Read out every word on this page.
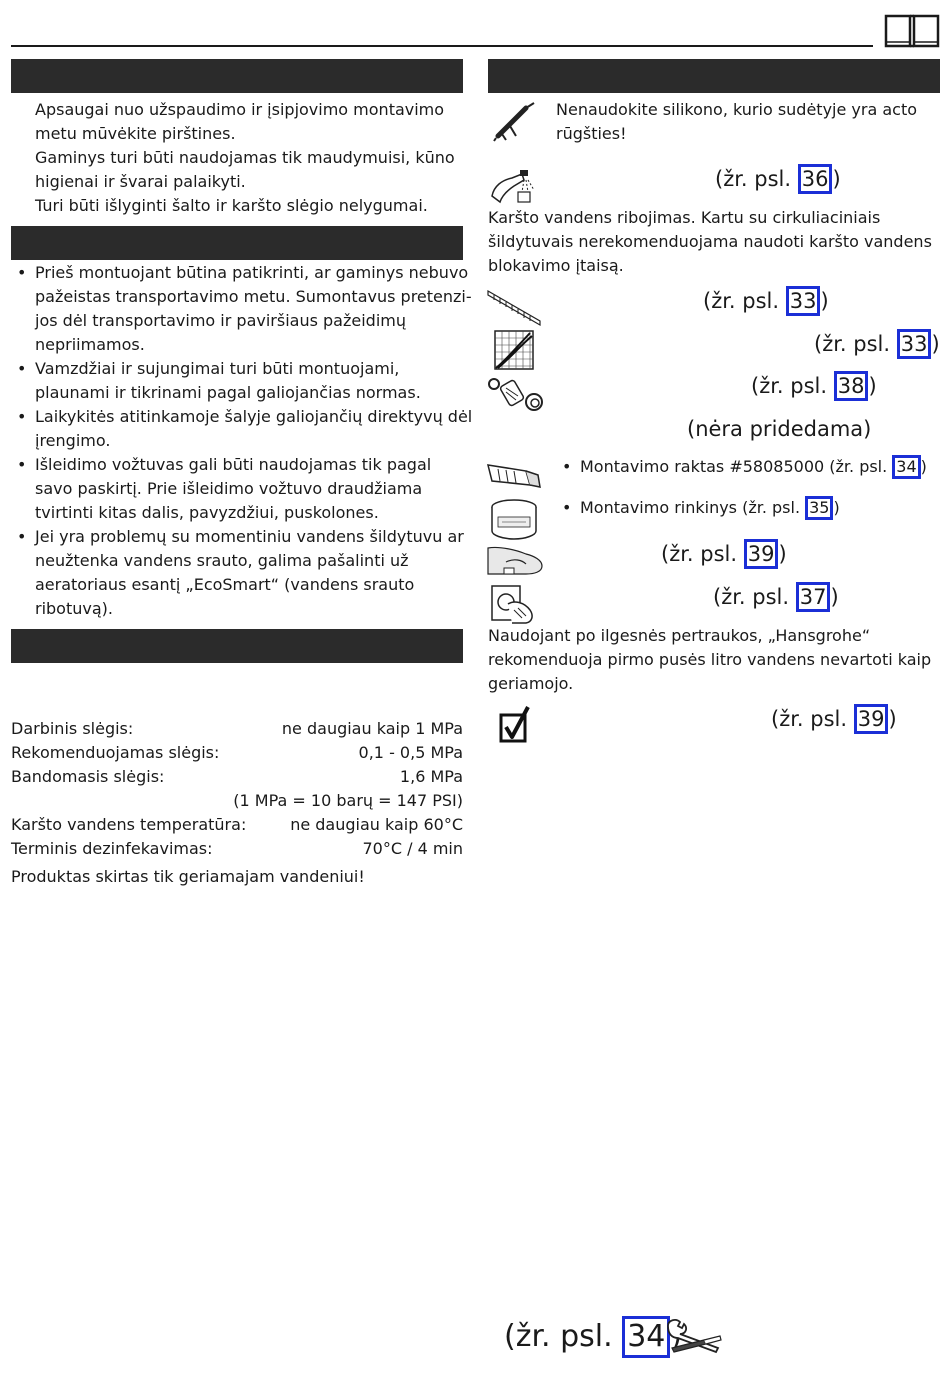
Apsaugai nuo užspaudimo ir įsipjovimo montavimo
metu mūvėkite pirštines.
Gaminys turi būti naudojamas tik maudymuisi, kūno
higienai ir švarai palaikyti.
Turi būti išlyginti šalto ir karšto slėgio nelygumai.
• Prieš montuojant būtina patikrinti, ar gaminys nebuvo
pažeistas transportavimo metu. Sumontavus pretenzi-
jos dėl transportavimo ir paviršiaus pažeidimų
nepriimamos.
• Vamzdžiai ir sujungimai turi būti montuojami,
plaunami ir tikrinami pagal galiojančias normas.
• Laikykitės atitinkamoje šalyje galiojančių direktyvų dėl
įrengimo.
• Išleidimo vožtuvas gali būti naudojamas tik pagal
savo paskirtį. Prie išleidimo vožtuvo draudžiama
tvirtinti kitas dalis, pavyzdžiui, puskolones.
• Jei yra problemų su momentiniu vandens šildytuvu ar
neužtenka vandens srauto, galima pašalinti už
aeratoriaus esantį „EcoSmart“ (vandens srauto
ribotuvą).
Darbinis slėgis:	ne daugiau kaip 1 MPa
Rekomenduojamas slėgis:	0,1 - 0,5 MPa
Bandomasis slėgis:	1,6 MPa
(1 MPa = 10 barų = 147 PSI)
Karšto vandens temperatūra:	ne daugiau kaip 60°C
Terminis dezinfekavimas:	70°C / 4 min
Produktas skirtas tik geriamajam vandeniui!
Nenaudokite silikono, kurio sudėtyje yra acto
rūgšties!
(žr. psl. 36 )
Karšto vandens ribojimas. Kartu su cirkuliaciniais
šildytuvais nerekomenduojama naudoti karšto vandens
blokavimo įtaisą.
(žr. psl. 33 )
(žr. psl. 33 )
(žr. psl. 38 )
(nėra pridedama)
• Montavimo raktas #58085000 (žr. psl. 34 )
• Montavimo rinkinys (žr. psl. 35 )
(žr. psl. 39 )
(žr. psl. 37 )
Naudojant po ilgesnės pertraukos, „Hansgrohe“
rekomenduoja pirmo pusės litro vandens nevartoti kaip
geriamojo.
(žr. psl. 39 )
(žr. psl. 34
